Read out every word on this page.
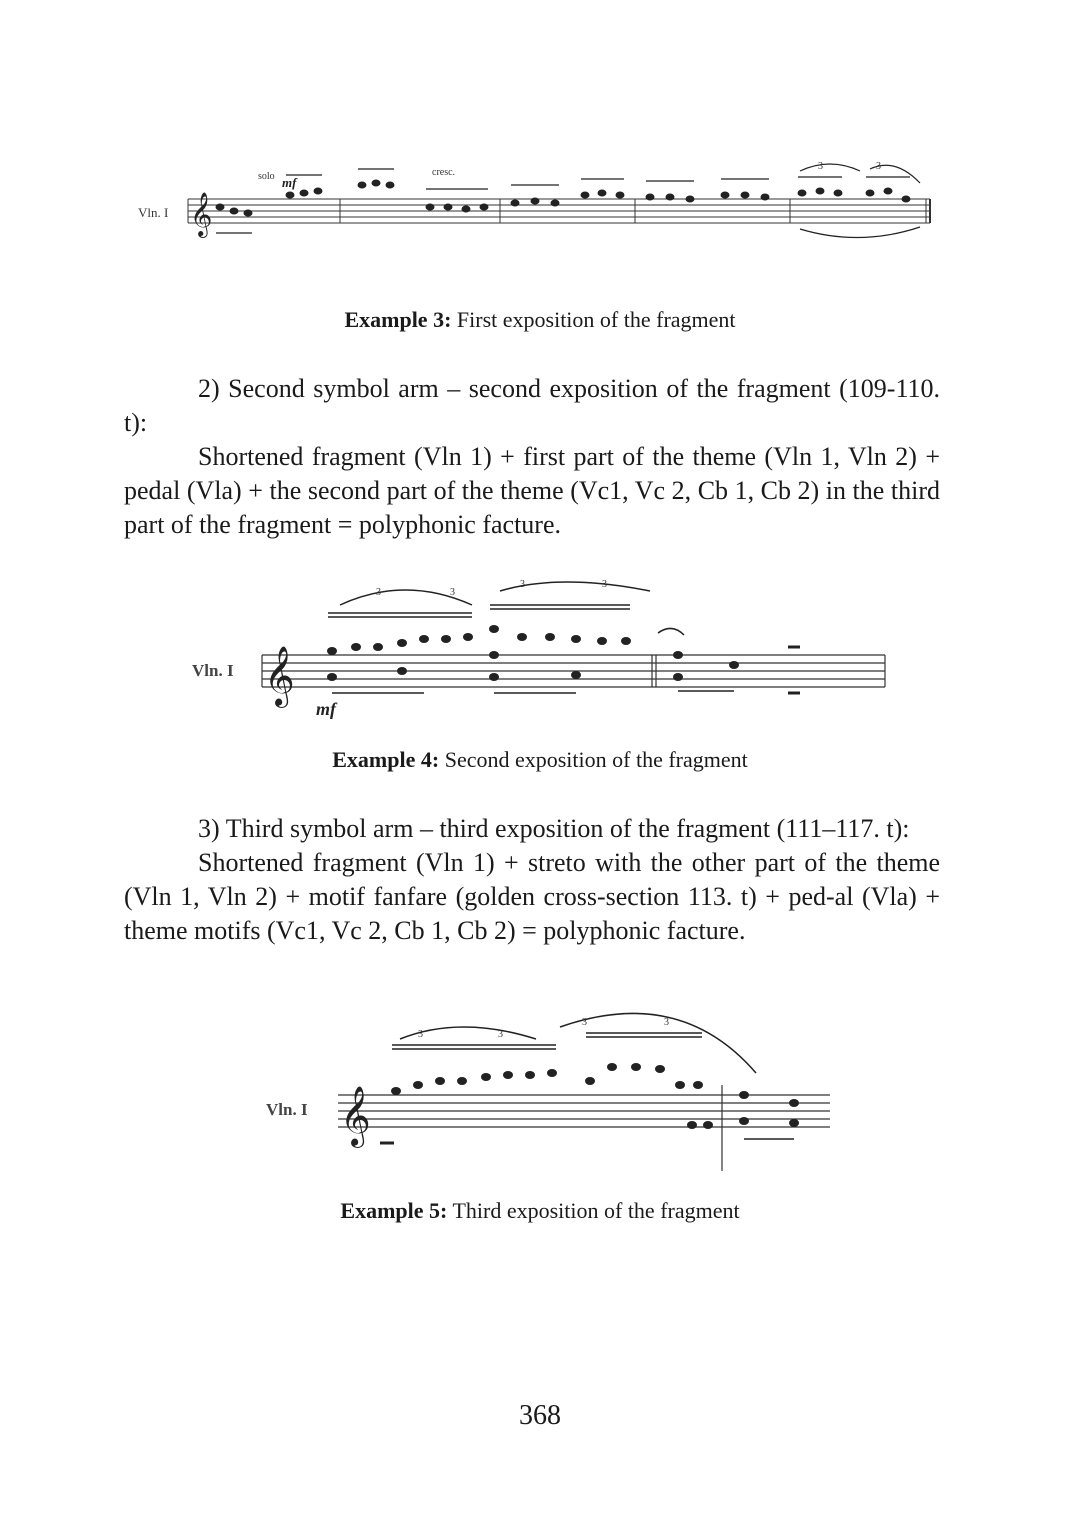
Vln. I 𝄞
solo mf
cresc.
3	3
Example 3: First exposition of the fragment

2) Second symbol arm – second exposition of the fragment (109-110. t):

Shortened fragment (Vln 1) + first part of the theme (Vln 1, Vln 2) + pedal (Vla) + the second part of the theme (Vc1, Vc 2, Cb 1, Cb 2) in the third part of the fragment = polyphonic facture.

Vln. I 𝄞
mf
3	3
3	3
Example 4: Second exposition of the fragment

3) Third symbol arm – third exposition of the fragment (111–117. t):

Shortened fragment (Vln 1) + streto with the other part of the theme (Vln 1, Vln 2) + motif fanfare (golden cross-section 113. t) + ped-al (Vla) + theme motifs (Vc1, Vc 2, Cb 1, Cb 2) = polyphonic facture.

Vln. I 𝄞
3	3
3	3
Example 5: Third exposition of the fragment
368
